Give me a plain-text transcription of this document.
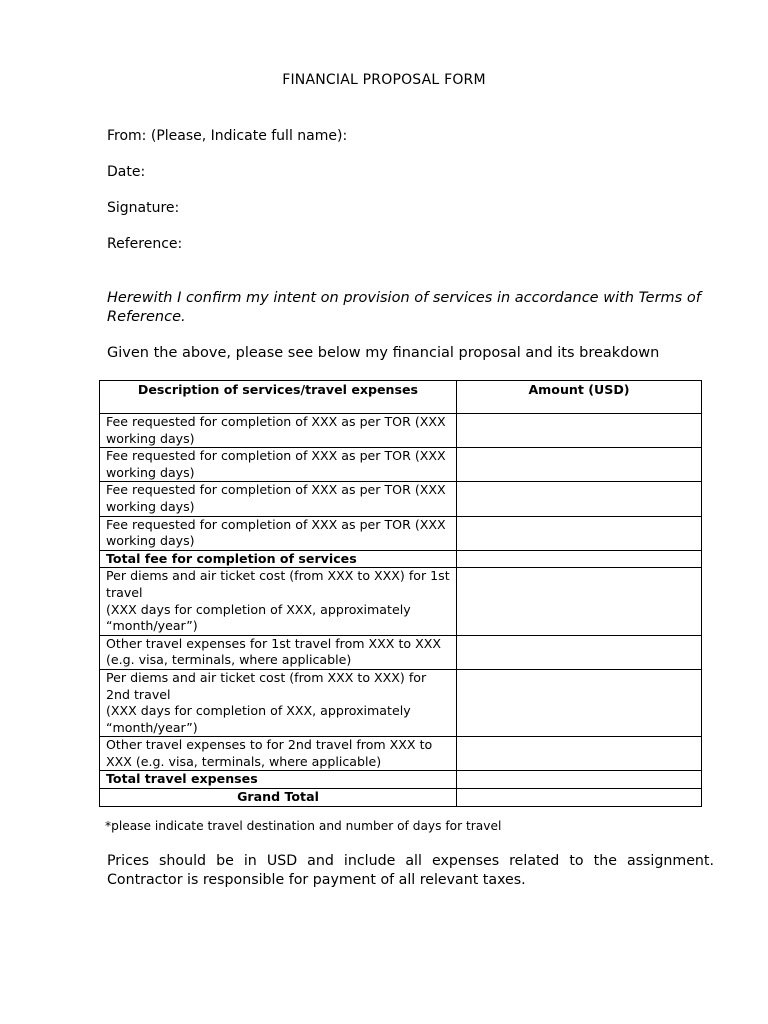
FINANCIAL PROPOSAL FORM
From: (Please, Indicate full name):
Date:
Signature:
Reference:
Herewith I confirm my intent on provision of services in accordance with Terms of Reference.
Given the above, please see below my financial proposal and its breakdown
Description of services/travel expenses	Amount (USD)
Fee requested for completion of XXX as per TOR (XXX working days)	
Fee requested for completion of XXX as per TOR (XXX working days)	
Fee requested for completion of XXX as per TOR (XXX working days)	
Fee requested for completion of XXX as per TOR (XXX working days)	
Total fee for completion of services	
Per diems and air ticket cost (from XXX to XXX) for 1st travel
(XXX days for completion of XXX, approximately “month/year”)	
Other travel expenses for 1st travel from XXX to XXX (e.g. visa, terminals, where applicable)	
Per diems and air ticket cost (from XXX to XXX) for 2nd travel
(XXX days for completion of XXX, approximately “month/year”)	
Other travel expenses to for 2nd travel from XXX to XXX (e.g. visa, terminals, where applicable)	
Total travel expenses	
Grand Total	
*please indicate travel destination and number of days for travel
Prices should be in USD and include all expenses related to the assignment. Contractor is responsible for payment of all relevant taxes.
